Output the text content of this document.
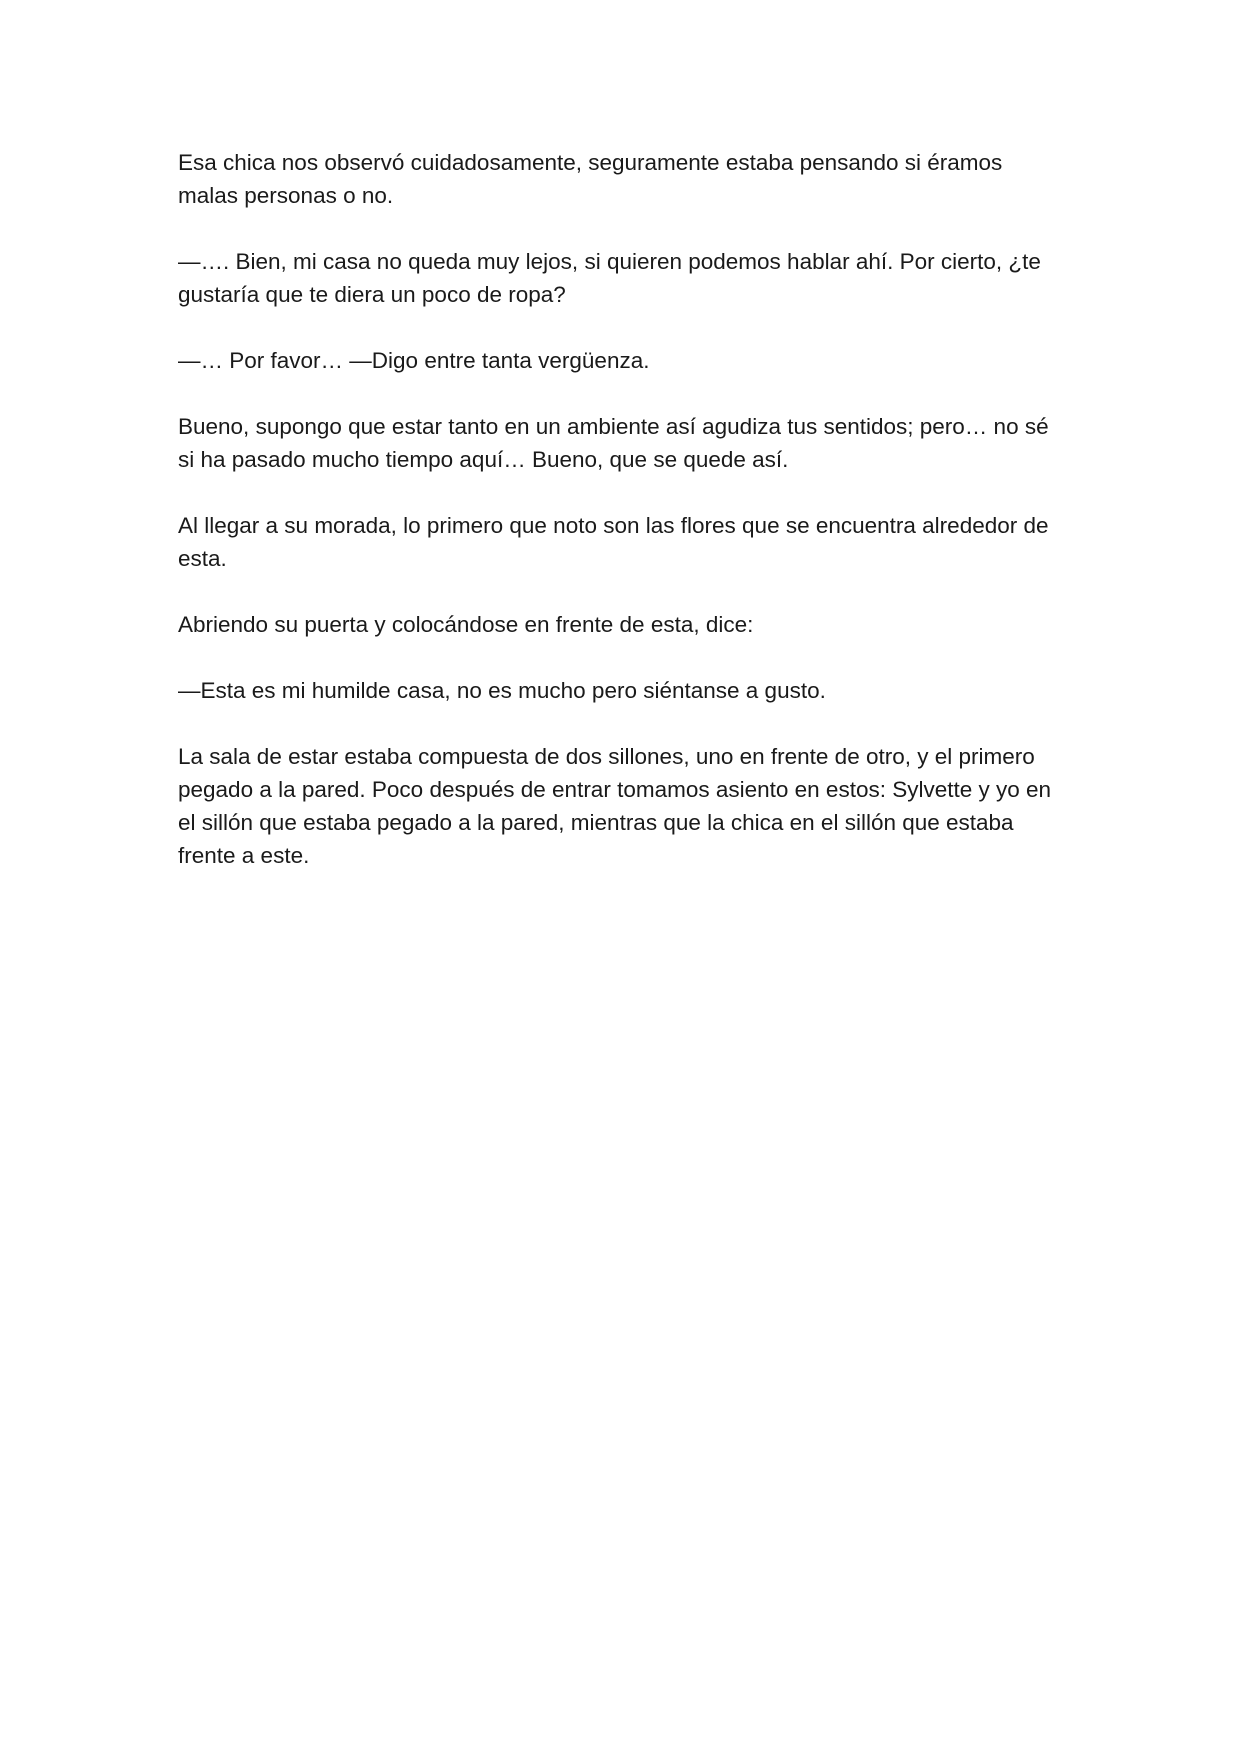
Esa chica nos observó cuidadosamente, seguramente estaba pensando si éramos
malas personas o no.

—…. Bien, mi casa no queda muy lejos, si quieren podemos hablar ahí. Por cierto, ¿te
gustaría que te diera un poco de ropa?

—… Por favor… —Digo entre tanta vergüenza.

Bueno, supongo que estar tanto en un ambiente así agudiza tus sentidos; pero… no sé
si ha pasado mucho tiempo aquí… Bueno, que se quede así.

Al llegar a su morada, lo primero que noto son las flores que se encuentra alrededor de
esta.

Abriendo su puerta y colocándose en frente de esta, dice:

—Esta es mi humilde casa, no es mucho pero siéntanse a gusto.

La sala de estar estaba compuesta de dos sillones, uno en frente de otro, y el primero
pegado a la pared. Poco después de entrar tomamos asiento en estos: Sylvette y yo en
el sillón que estaba pegado a la pared, mientras que la chica en el sillón que estaba
frente a este.
